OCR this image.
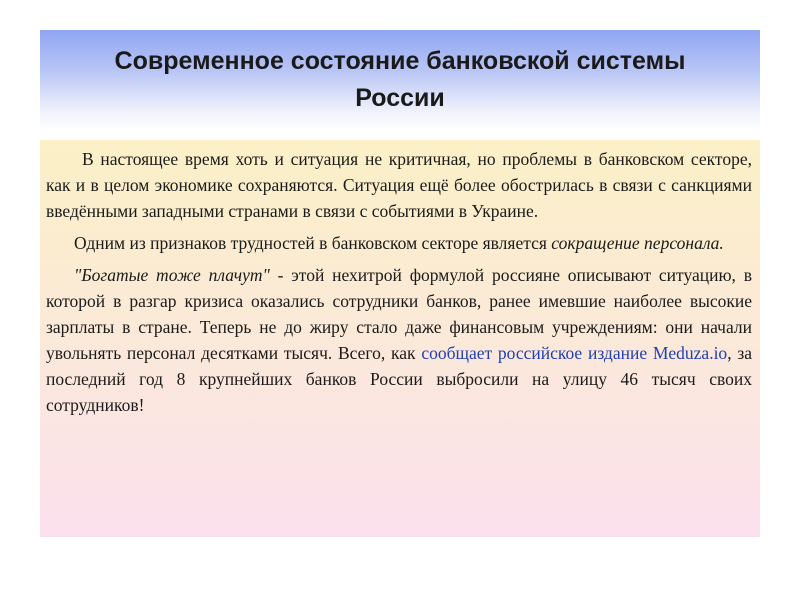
Современное состояние банковской системы России

В настоящее время хоть и ситуация не критичная, но проблемы в банковском секторе, как и в целом экономике сохраняются. Ситуация ещё более обострилась в связи с санкциями введёнными западными странами в связи с событиями в Украине.

Одним из признаков трудностей в банковском секторе является сокращение персонала.

"Богатые тоже плачут" - этой нехитрой формулой россияне описывают ситуацию, в которой в разгар кризиса оказались сотрудники банков, ранее имевшие наиболее высокие зарплаты в стране. Теперь не до жиру стало даже финансовым учреждениям: они начали увольнять персонал десятками тысяч. Всего, как сообщает российское издание Meduza.io, за последний год 8 крупнейших банков России выбросили на улицу 46 тысяч своих сотрудников!
